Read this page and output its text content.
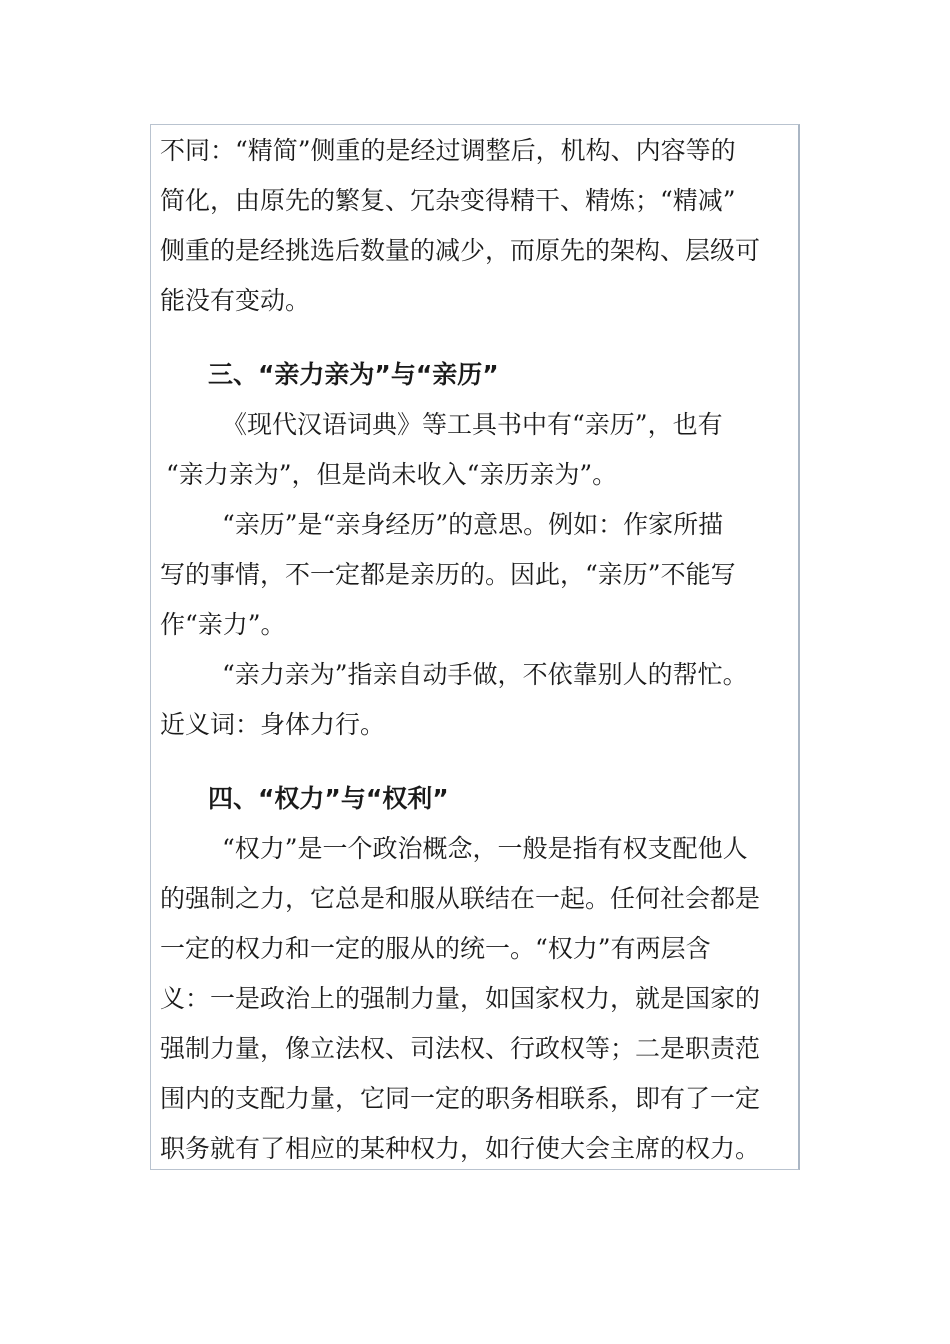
不同：“精简”侧重的是经过调整后，机构、内容等的
简化，由原先的繁复、冗杂变得精干、精炼；“精减”
侧重的是经挑选后数量的减少，而原先的架构、层级可
能没有变动。
三、“亲力亲为”与“亲历”
《现代汉语词典》等工具书中有“亲历”，也有
“亲力亲为”，但是尚未收入“亲历亲为”。
“亲历”是“亲身经历”的意思。例如：作家所描
写的事情，不一定都是亲历的。因此，“亲历”不能写
作“亲力”。
“亲力亲为”指亲自动手做，不依靠别人的帮忙。
近义词：身体力行。
四、“权力”与“权利”
“权力”是一个政治概念，一般是指有权支配他人
的强制之力，它总是和服从联结在一起。任何社会都是
一定的权力和一定的服从的统一。“权力”有两层含
义：一是政治上的强制力量，如国家权力，就是国家的
强制力量，像立法权、司法权、行政权等；二是职责范
围内的支配力量，它同一定的职务相联系，即有了一定
职务就有了相应的某种权力，如行使大会主席的权力。
